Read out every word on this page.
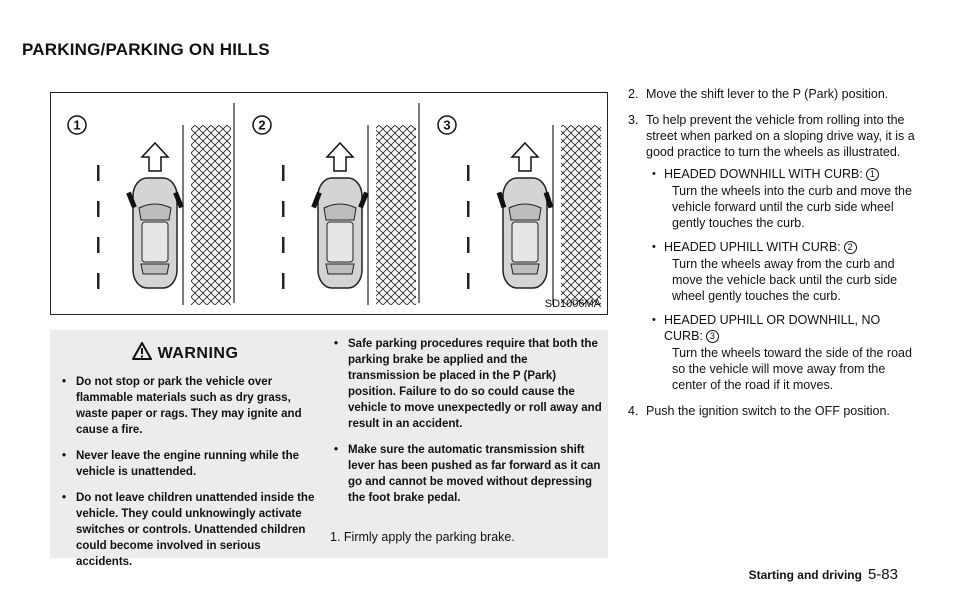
PARKING/PARKING ON HILLS
1	2	3
SD1006MA
WARNING
• Do not stop or park the vehicle over flammable materials such as dry grass, waste paper or rags. They may ignite and cause a fire.
• Never leave the engine running while the vehicle is unattended.
• Do not leave children unattended inside the vehicle. They could unknowingly activate switches or controls. Unattended children could become involved in serious accidents.
• Safe parking procedures require that both the parking brake be applied and the transmission be placed in the P (Park) position. Failure to do so could cause the vehicle to move unexpectedly or roll away and result in an accident.
• Make sure the automatic transmission shift lever has been pushed as far forward as it can go and cannot be moved without depressing the foot brake pedal.
1. Firmly apply the parking brake.
2. Move the shift lever to the P (Park) position.
3. To help prevent the vehicle from rolling into the street when parked on a sloping drive way, it is a good practice to turn the wheels as illustrated.
• HEADED DOWNHILL WITH CURB: 1
Turn the wheels into the curb and move the vehicle forward until the curb side wheel gently touches the curb.
• HEADED UPHILL WITH CURB: 2
Turn the wheels away from the curb and move the vehicle back until the curb side wheel gently touches the curb.
• HEADED UPHILL OR DOWNHILL, NO CURB: 3
Turn the wheels toward the side of the road so the vehicle will move away from the center of the road if it moves.
4. Push the ignition switch to the OFF position.
Starting and driving 5-83
